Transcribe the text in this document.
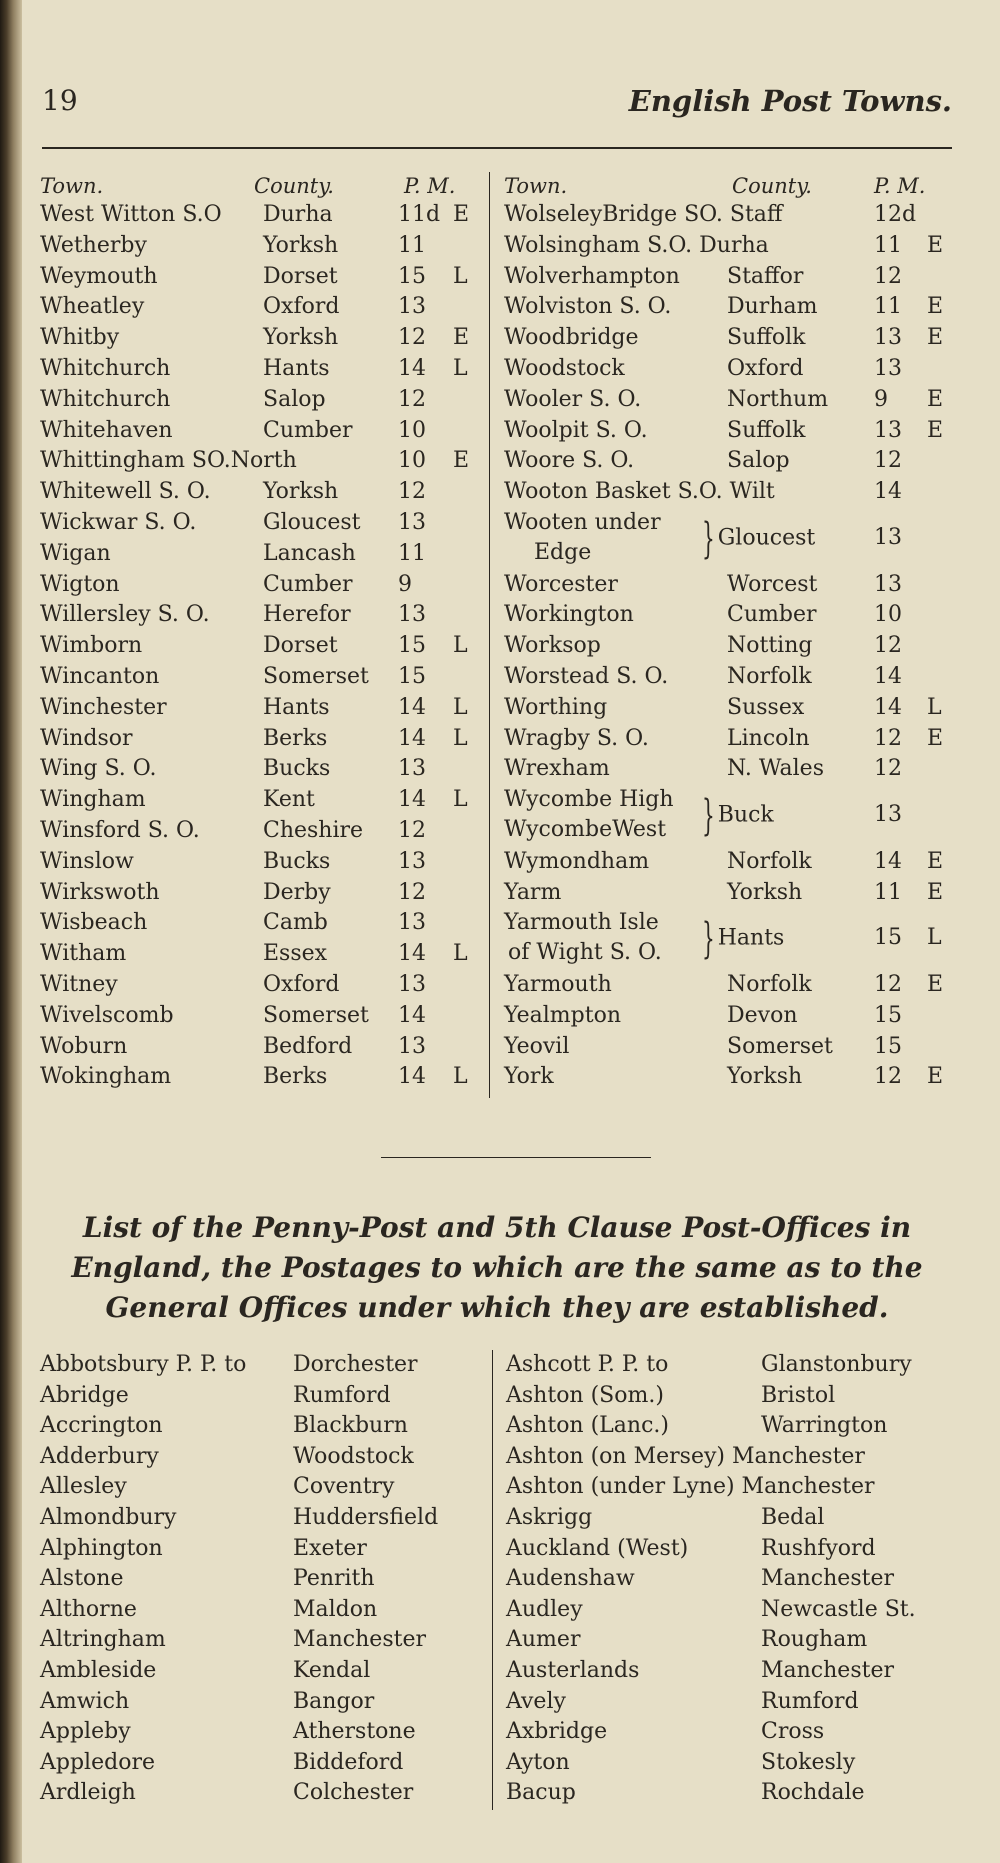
19	English Post Towns.
Town.	County.	P. M.
West Witton S.O Durha	11d E
Wetherby	Yorksh	11
Weymouth	Dorset	15 L
Wheatley	Oxford	13
Whitby	Yorksh	12 E
Whitchurch	Hants	14 L
Whitchurch	Salop	12
Whitehaven	Cumber 10
Whittingham SO.North	10 E
Whitewell S. O. Yorksh	12
Wickwar S. O.	Gloucest 13
Wigan	Lancash 11
Wigton	Cumber 9
Willersley S. O. Herefor 13
Wimborn	Dorset	15 L
Wincanton	Somerset 15
Winchester	Hants	14 L
Windsor	Berks	14 L
Wing S. O.	Bucks	13
Wingham	Kent	14 L
Winsford S. O.	Cheshire 12
Winslow	Bucks	13
Wirkswoth	Derby	12
Wisbeach	Camb	13
Witham	Essex	14 L
Witney	Oxford	13
Wivelscomb	Somerset 14
Woburn	Bedford 13
Wokingham	Berks	14 L
Town.	County.	P. M.
WolseleyBridge SO. Staff	12d
Wolsingham S.O. Durha	11 E
Wolverhampton Staffor	12
Wolviston S. O.	Durham	11 E
Woodbridge	Suffolk	13 E
Woodstock	Oxford	13
Wooler S. O.	Northum 9 E
Woolpit S. O.	Suffolk	13 E
Woore S. O.	Salop	12
Wooton Basket S.O. Wilt	14
Wooten under
Edge	} Gloucest	13
Worcester	Worcest	13
Workington	Cumber	10
Worksop	Notting	12
Worstead S. O.	Norfolk	14
Worthing	Sussex	14 L
Wragby S. O.	Lincoln	12 E
Wrexham	N. Wales 12
Wycombe High
WycombeWest	} Buck	13
Wymondham	Norfolk	14 E
Yarm	Yorksh	11 E
Yarmouth Isle
of Wight S. O. } Hants	15 L
Yarmouth	Norfolk	12 E
Yealmpton	Devon	15
Yeovil	Somerset 15
York	Yorksh	12 E
List of the Penny-Post and 5th Clause Post-Offices in England, the Postages to which are the same as to the General Offices under which they are established.
Abbotsbury P. P. to Dorchester
Abridge	Rumford
Accrington	Blackburn
Adderbury	Woodstock
Allesley	Coventry
Almondbury	Huddersfield
Alphington	Exeter
Alstone	Penrith
Althorne	Maldon
Altringham	Manchester
Ambleside	Kendal
Amwich	Bangor
Appleby	Atherstone
Appledore	Biddeford
Ardleigh	Colchester
Ashcott P. P. to	Glanstonbury
Ashton (Som.)	Bristol
Ashton (Lanc.)	Warrington
Ashton (on Mersey) Manchester
Ashton (under Lyne) Manchester
Askrigg	Bedal
Auckland (West)	Rushfyord
Audenshaw	Manchester
Audley	Newcastle St.
Aumer	Rougham
Austerlands	Manchester
Avely	Rumford
Axbridge	Cross
Ayton	Stokesly
Bacup	Rochdale
